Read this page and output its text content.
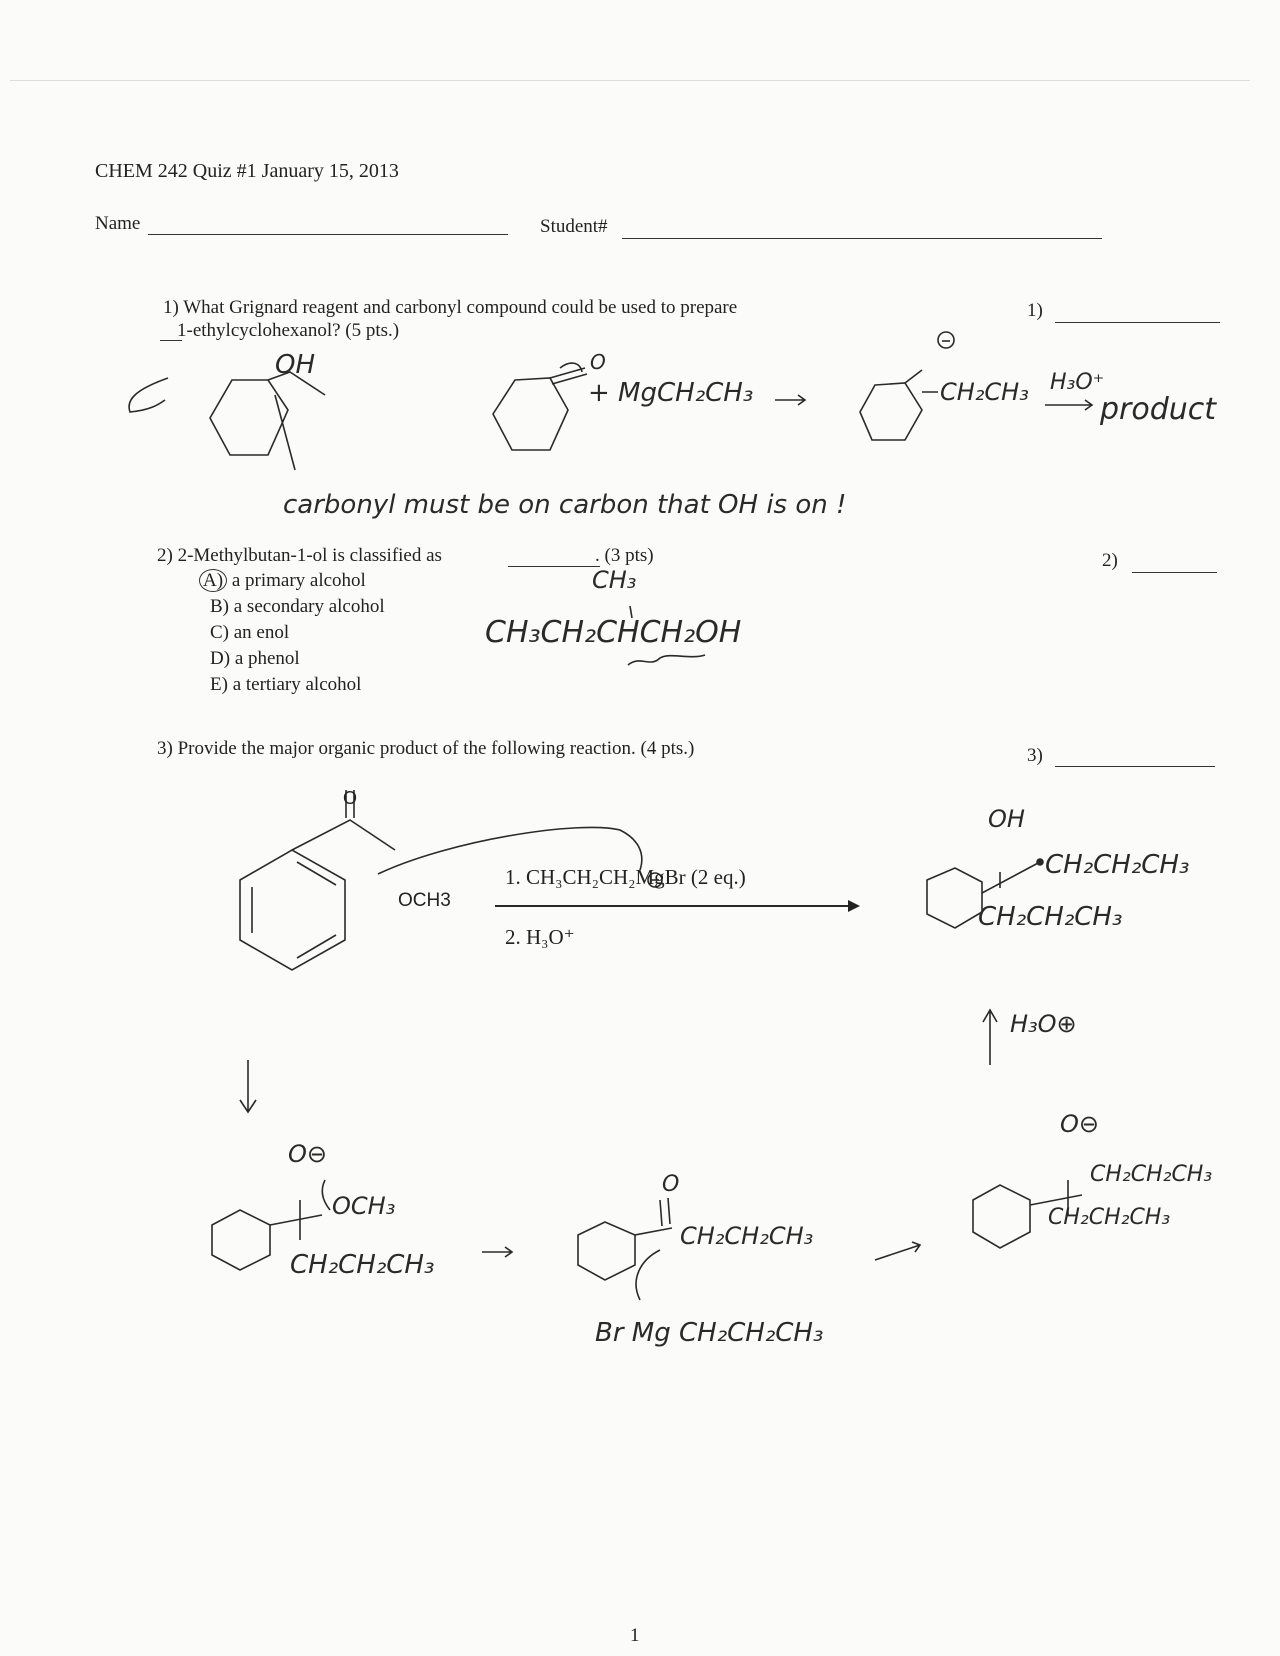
CHEM 242 Quiz #1 January 15, 2013
Name	Student#
1) What Grignard reagent and carbonyl compound could be used to prepare
1-ethylcyclohexanol? (5 pts.)
1)
OH
+ MgCH₂CH₃
O
CH₂CH₃ H₃O⁺
product
carbonyl must be on carbon that OH is on !
2) 2-Methylbutan-1-ol is classified as	. (3 pts)	2)
A) a primary alcohol
B) a secondary alcohol
C) an enol
D) a phenol
E) a tertiary alcohol
CH₃
CH₃CH₂CHCH₂OH
3) Provide the major organic product of the following reaction. (4 pts.)	3)
O
OCH3
1. CH₃CH₂CH₂MgBr (2 eq.)
2. H₃O⁺
OH
CH₂CH₂CH₃
CH₂CH₂CH₃
H₃O⊕
O⊖
OCH₃
CH₂CH₂CH₃
O
CH₂CH₂CH₃
Br Mg CH₂CH₂CH₃
O⊖
CH₂CH₂CH₃
CH₂CH₂CH₃
1
